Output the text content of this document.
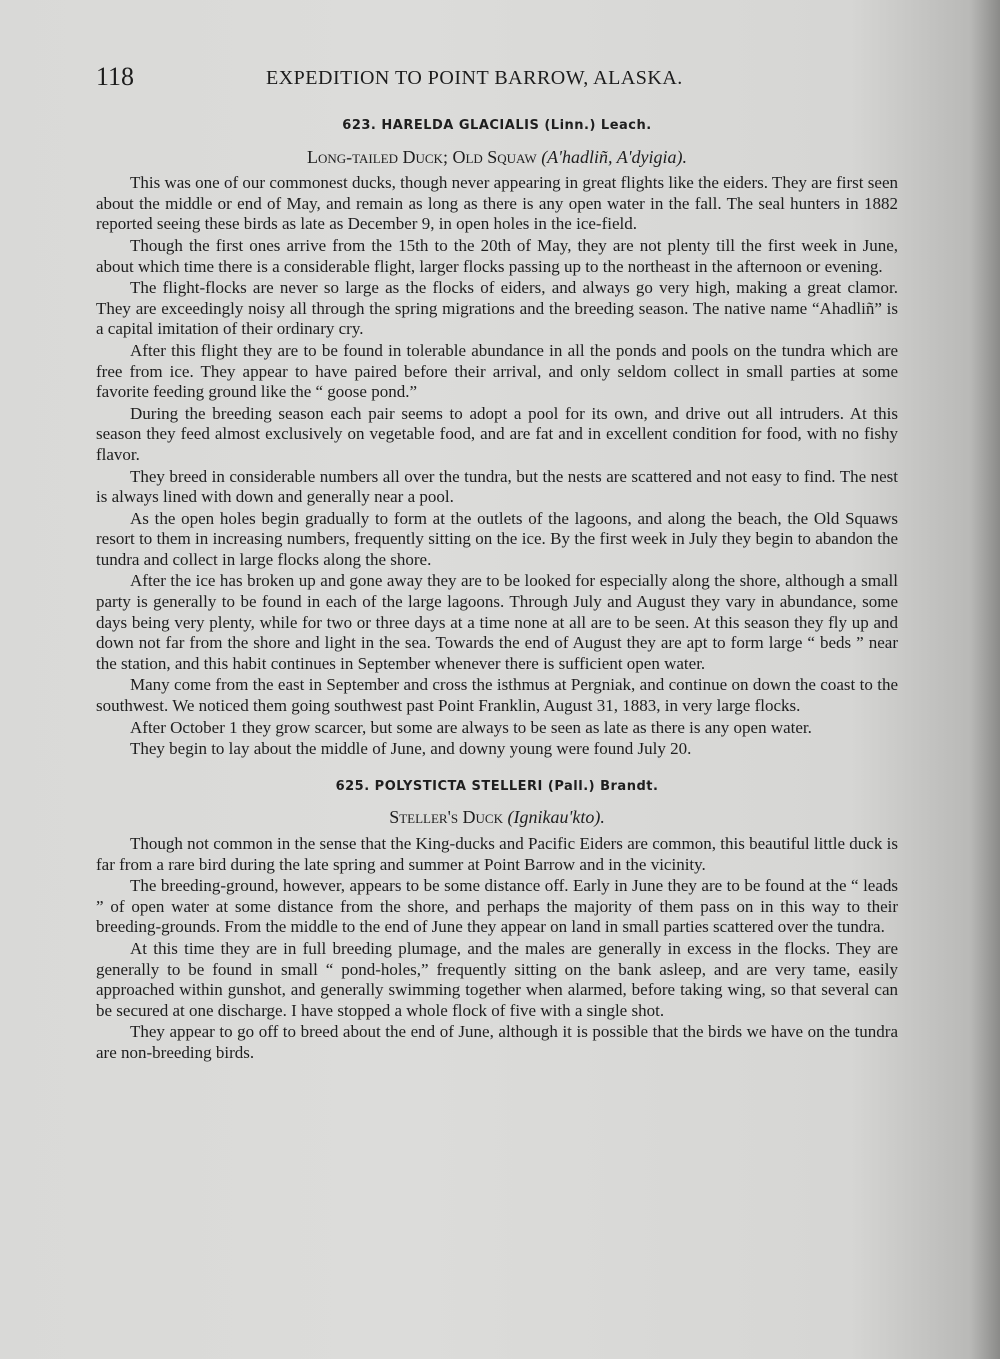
118	EXPEDITION TO POINT BARROW, ALASKA.
623. HARELDA GLACIALIS (Linn.) Leach.
Long-tailed Duck; Old Squaw (A'hadliñ, A'dyigia).

This was one of our commonest ducks, though never appearing in great flights like the eiders. They are first seen about the middle or end of May, and remain as long as there is any open water in the fall. The seal hunters in 1882 reported seeing these birds as late as December 9, in open holes in the ice-field.

Though the first ones arrive from the 15th to the 20th of May, they are not plenty till the first week in June, about which time there is a considerable flight, larger flocks passing up to the northeast in the afternoon or evening.

The flight-flocks are never so large as the flocks of eiders, and always go very high, making a great clamor. They are exceedingly noisy all through the spring migrations and the breeding season. The native name “Ahadliñ” is a capital imitation of their ordinary cry.

After this flight they are to be found in tolerable abundance in all the ponds and pools on the tundra which are free from ice. They appear to have paired before their arrival, and only seldom collect in small parties at some favorite feeding ground like the “ goose pond.”

During the breeding season each pair seems to adopt a pool for its own, and drive out all intruders. At this season they feed almost exclusively on vegetable food, and are fat and in excellent condition for food, with no fishy flavor.

They breed in considerable numbers all over the tundra, but the nests are scattered and not easy to find. The nest is always lined with down and generally near a pool.

As the open holes begin gradually to form at the outlets of the lagoons, and along the beach, the Old Squaws resort to them in increasing numbers, frequently sitting on the ice. By the first week in July they begin to abandon the tundra and collect in large flocks along the shore.

After the ice has broken up and gone away they are to be looked for especially along the shore, although a small party is generally to be found in each of the large lagoons. Through July and August they vary in abundance, some days being very plenty, while for two or three days at a time none at all are to be seen. At this season they fly up and down not far from the shore and light in the sea. Towards the end of August they are apt to form large “ beds ” near the station, and this habit continues in September whenever there is sufficient open water.

Many come from the east in September and cross the isthmus at Pergniak, and continue on down the coast to the southwest. We noticed them going southwest past Point Franklin, August 31, 1883, in very large flocks.

After October 1 they grow scarcer, but some are always to be seen as late as there is any open water.

They begin to lay about the middle of June, and downy young were found July 20.

625. POLYSTICTA STELLERI (Pall.) Brandt.
Steller's Duck (Ignikau'kto).

Though not common in the sense that the King-ducks and Pacific Eiders are common, this beautiful little duck is far from a rare bird during the late spring and summer at Point Barrow and in the vicinity.

The breeding-ground, however, appears to be some distance off. Early in June they are to be found at the “ leads ” of open water at some distance from the shore, and perhaps the majority of them pass on in this way to their breeding-grounds. From the middle to the end of June they appear on land in small parties scattered over the tundra.

At this time they are in full breeding plumage, and the males are generally in excess in the flocks. They are generally to be found in small “ pond-holes,” frequently sitting on the bank asleep, and are very tame, easily approached within gunshot, and generally swimming together when alarmed, before taking wing, so that several can be secured at one discharge. I have stopped a whole flock of five with a single shot.

They appear to go off to breed about the end of June, although it is possible that the birds we have on the tundra are non-breeding birds.
